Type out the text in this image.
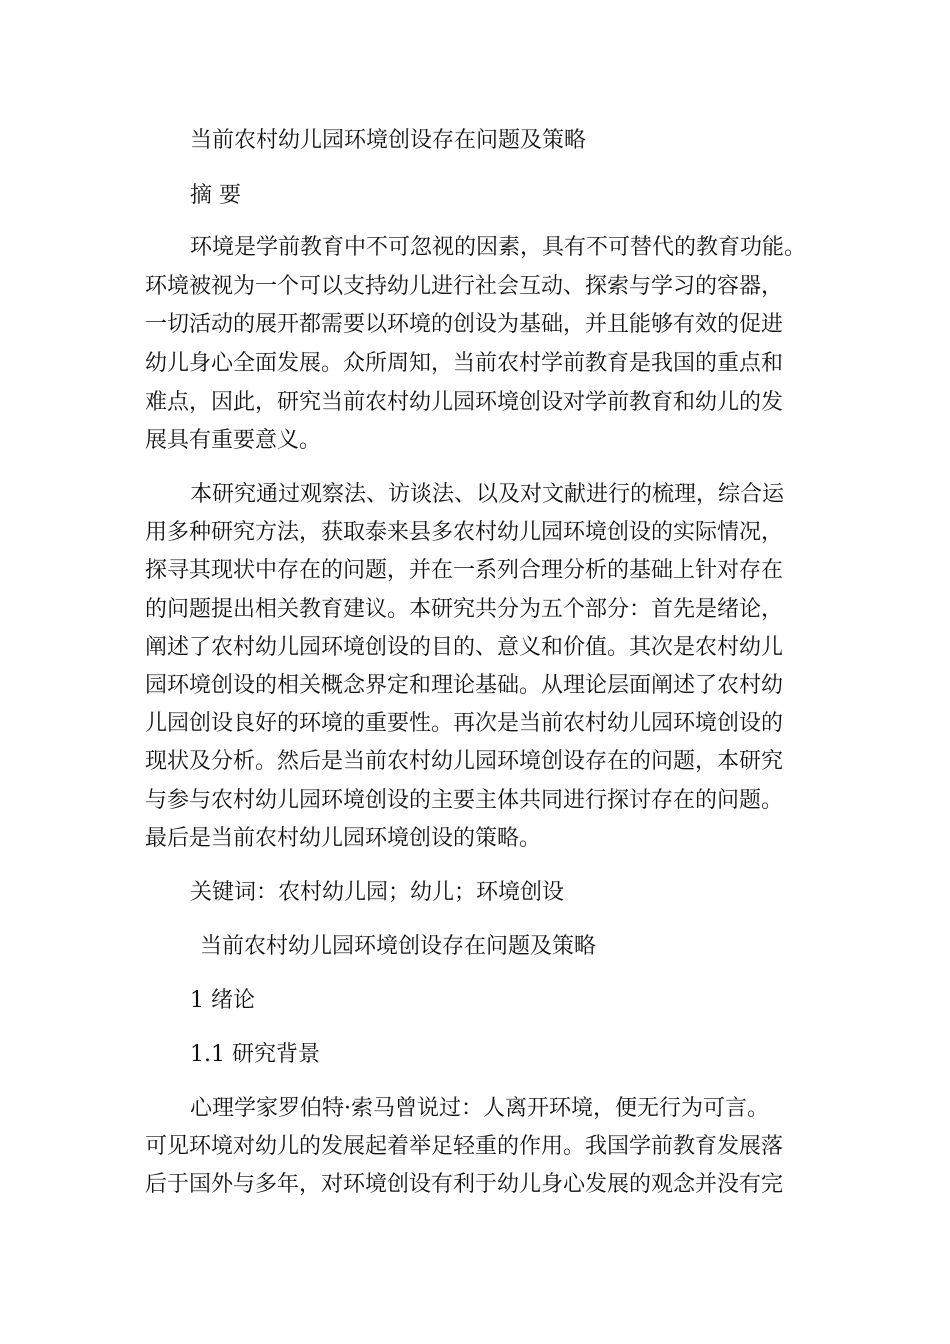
当前农村幼儿园环境创设存在问题及策略
摘 要
环境是学前教育中不可忽视的因素，具有不可替代的教育功能。
环境被视为一个可以支持幼儿进行社会互动、探索与学习的容器，
一切活动的展开都需要以环境的创设为基础，并且能够有效的促进
幼儿身心全面发展。众所周知，当前农村学前教育是我国的重点和
难点，因此，研究当前农村幼儿园环境创设对学前教育和幼儿的发
展具有重要意义。
本研究通过观察法、访谈法、以及对文献进行的梳理，综合运
用多种研究方法，获取泰来县多农村幼儿园环境创设的实际情况，
探寻其现状中存在的问题，并在一系列合理分析的基础上针对存在
的问题提出相关教育建议。本研究共分为五个部分：首先是绪论，
阐述了农村幼儿园环境创设的目的、意义和价值。其次是农村幼儿
园环境创设的相关概念界定和理论基础。从理论层面阐述了农村幼
儿园创设良好的环境的重要性。再次是当前农村幼儿园环境创设的
现状及分析。然后是当前农村幼儿园环境创设存在的问题，本研究
与参与农村幼儿园环境创设的主要主体共同进行探讨存在的问题。
最后是当前农村幼儿园环境创设的策略。
关键词：农村幼儿园；幼儿；环境创设
当前农村幼儿园环境创设存在问题及策略
1 绪论
1.1 研究背景
心理学家罗伯特·索马曾说过：人离开环境，便无行为可言。
可见环境对幼儿的发展起着举足轻重的作用。我国学前教育发展落
后于国外与多年，对环境创设有利于幼儿身心发展的观念并没有完
